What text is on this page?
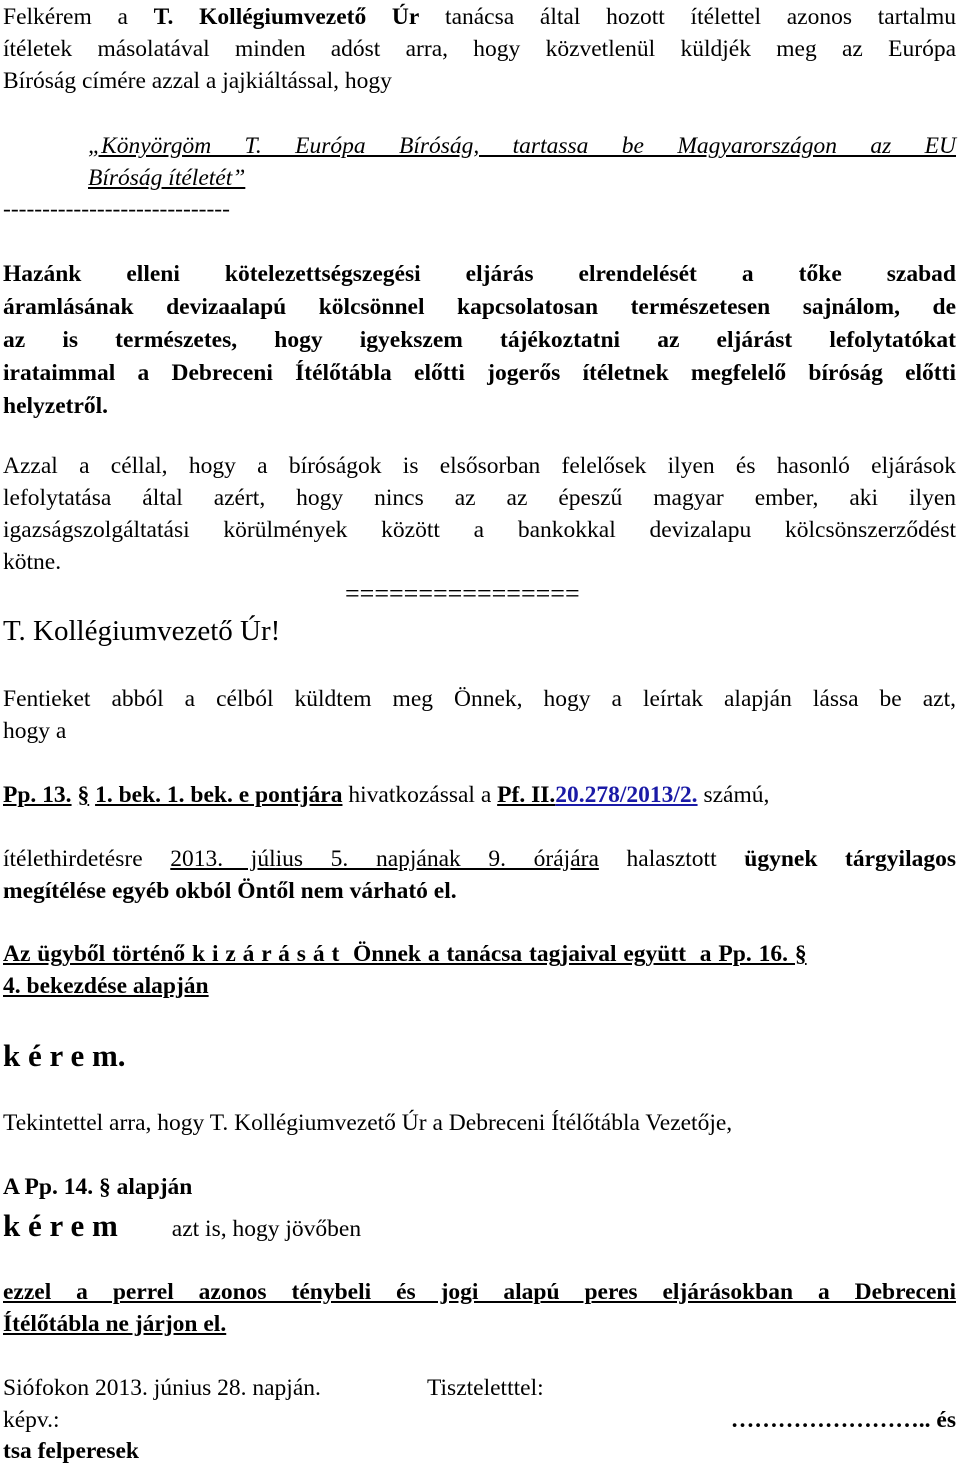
Felkérem a T. Kollégiumvezető Úr tanácsa által hozott ítélettel azonos tartalmu
ítéletek másolatával minden adóst arra, hogy közvetlenül küldjék meg az Európa
Bíróság címére azzal a jajkiáltással, hogy
„Könyörgöm T. Európa Bíróság, tartassa be Magyarországon az EU
Bíróság ítéletét”
-----------------------------
Hazánk elleni kötelezettségszegési eljárás elrendelését a tőke szabad
áramlásának devizaalapú kölcsönnel kapcsolatosan természetesen sajnálom, de
az is természetes, hogy igyekszem tájékoztatni az eljárást lefolytatókat
irataimmal a Debreceni Ítélőtábla előtti jogerős ítéletnek megfelelő bíróság előtti
helyzetről.
Azzal a céllal, hogy a bíróságok is elsősorban felelősek ilyen és hasonló eljárások
lefolytatása által azért, hogy nincs az az épeszű magyar ember, aki ilyen
igazságszolgáltatási körülmények között a bankokkal devizalapu kölcsönszerződést
kötne.
================
T. Kollégiumvezető Úr!
Fentieket abból a célból küldtem meg Önnek, hogy a leírtak alapján lássa be azt,
hogy a
Pp. 13. § 1. bek. 1. bek. e pontjára hivatkozással a Pf. II.20.278/2013/2. számú,
ítélethirdetésre 2013. július 5. napjának 9. órájára halasztott ügynek tárgyilagos
megítélése egyéb okból Öntől nem várható el.
Az ügyből történő k i z á r á s á t  Önnek a tanácsa tagjaival együtt  a Pp. 16. §
4. bekezdése alapján
k é r e m.
Tekintettel arra, hogy T. Kollégiumvezető Úr a Debreceni Ítélőtábla Vezetője,
A Pp. 14. § alapján
k é r e m azt is, hogy jövőben
ezzel a perrel azonos ténybeli és jogi alapú peres eljárásokban a Debreceni
Ítélőtábla ne járjon el.
Siófokon 2013. június 28. napján.	Tiszteletttel:
képv.:	…………………….. és
tsa felperesek
